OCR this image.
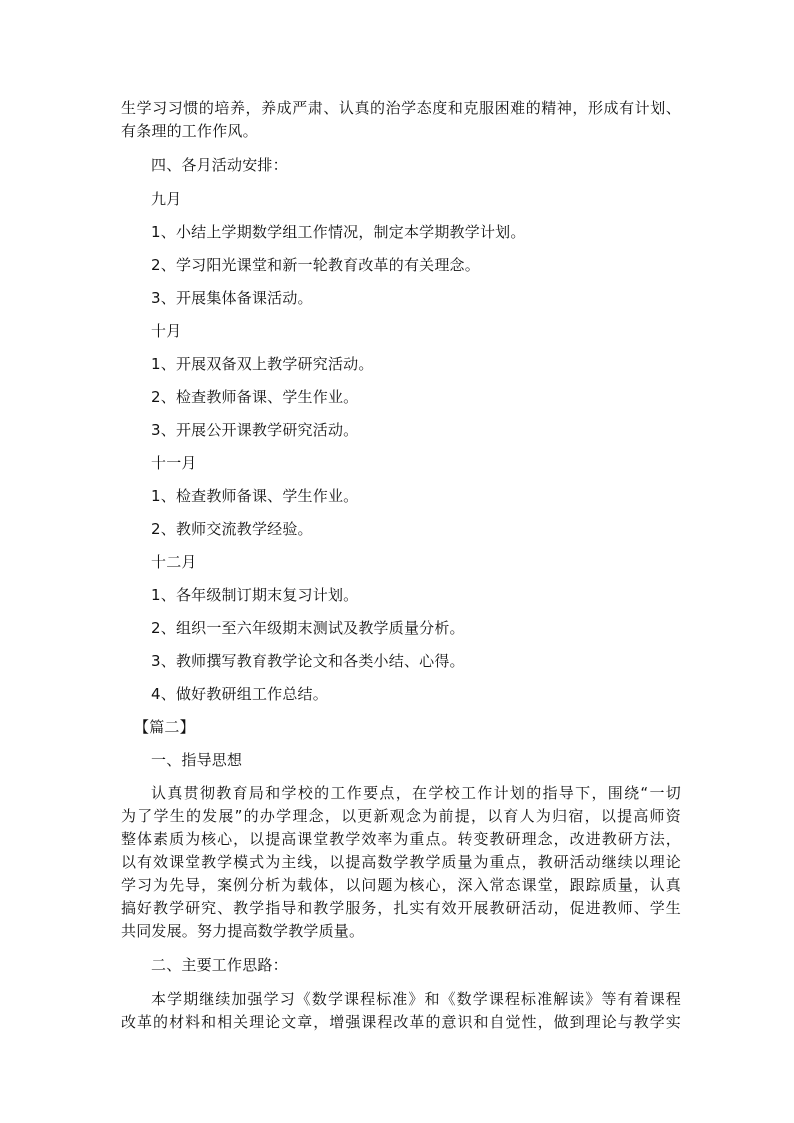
生学习习惯的培养，养成严肃、认真的治学态度和克服困难的精神，形成有计划、
有条理的工作作风。
四、各月活动安排：
九月
1、小结上学期数学组工作情况，制定本学期教学计划。
2、学习阳光课堂和新一轮教育改革的有关理念。
3、开展集体备课活动。
十月
1、开展双备双上教学研究活动。
2、检查教师备课、学生作业。
3、开展公开课教学研究活动。
十一月
1、检查教师备课、学生作业。
2、教师交流教学经验。
十二月
1、各年级制订期末复习计划。
2、组织一至六年级期末测试及教学质量分析。
3、教师撰写教育教学论文和各类小结、心得。
4、做好教研组工作总结。
【篇二】
一、指导思想
认真贯彻教育局和学校的工作要点，在学校工作计划的指导下，围绕“一切
为了学生的发展”的办学理念，以更新观念为前提，以育人为归宿，以提高师资
整体素质为核心，以提高课堂教学效率为重点。转变教研理念，改进教研方法，
以有效课堂教学模式为主线，以提高数学教学质量为重点，教研活动继续以理论
学习为先导，案例分析为载体，以问题为核心，深入常态课堂，跟踪质量，认真
搞好教学研究、教学指导和教学服务，扎实有效开展教研活动，促进教师、学生
共同发展。努力提高数学教学质量。
二、主要工作思路：
本学期继续加强学习《数学课程标准》和《数学课程标准解读》等有着课程
改革的材料和相关理论文章，增强课程改革的意识和自觉性，做到理论与教学实
